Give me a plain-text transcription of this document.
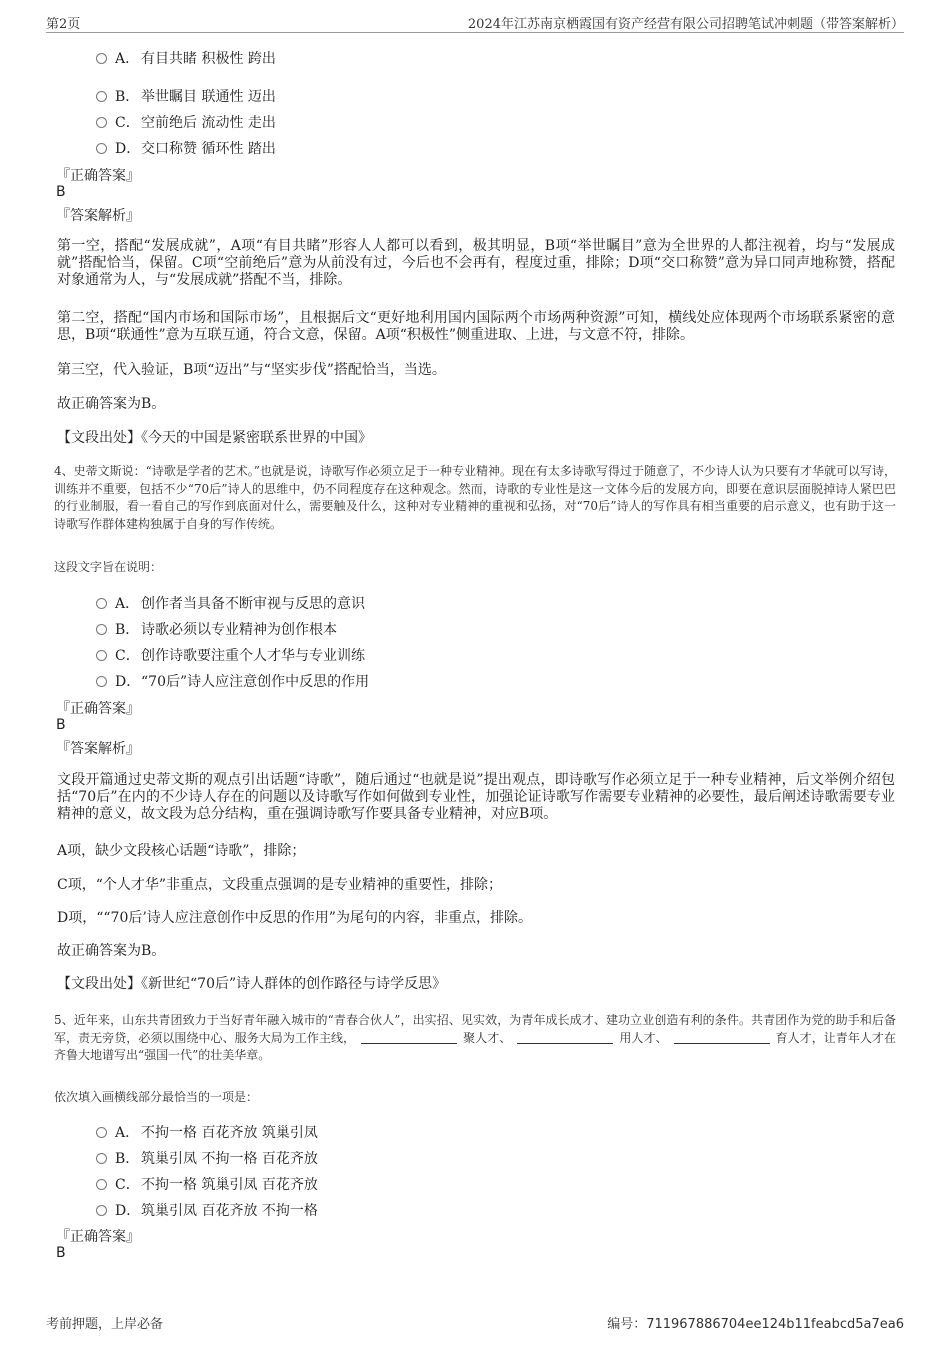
第2页	2024年江苏南京栖霞国有资产经营有限公司招聘笔试冲刺题（带答案解析）
A． 有目共睹 积极性 跨出
B． 举世瞩目 联通性 迈出
C．空前绝后 流动性 走出
D．交口称赞 循环性 踏出
『正确答案』
B
『答案解析』
第一空，搭配“发展成就”，A项“有目共睹”形容人人都可以看到，极其明显，B项“举世瞩目”意为全世界的人都注视着，均与“发展成就”搭配恰当，保留。C项“空前绝后”意为从前没有过，今后也不会再有，程度过重，排除；D项“交口称赞”意为异口同声地称赞，搭配对象通常为人，与“发展成就”搭配不当，排除。
第二空，搭配“国内市场和国际市场”，且根据后文“更好地利用国内国际两个市场两种资源”可知，横线处应体现两个市场联系紧密的意思，B项“联通性”意为互联互通，符合文意，保留。A项“积极性”侧重进取、上进，与文意不符，排除。
第三空，代入验证，B项“迈出”与“坚实步伐”搭配恰当，当选。
故正确答案为B。
【文段出处】《今天的中国是紧密联系世界的中国》
4、史蒂文斯说：“诗歌是学者的艺术。”也就是说，诗歌写作必须立足于一种专业精神。现在有太多诗歌写得过于随意了，不少诗人认为只要有才华就可以写诗，训练并不重要，包括不少“70后”诗人的思维中，仍不同程度存在这种观念。然而，诗歌的专业性是这一文体今后的发展方向，即要在意识层面脱掉诗人紧巴巴的行业制服，看一看自己的写作到底面对什么，需要触及什么，这种对专业精神的重视和弘扬，对“70后”诗人的写作具有相当重要的启示意义，也有助于这一诗歌写作群体建构独属于自身的写作传统。
这段文字旨在说明：
A． 创作者当具备不断审视与反思的意识
B． 诗歌必须以专业精神为创作根本
C．创作诗歌要注重个人才华与专业训练
D．“70后”诗人应注意创作中反思的作用
『正确答案』
B
『答案解析』
文段开篇通过史蒂文斯的观点引出话题“诗歌”，随后通过“也就是说”提出观点，即诗歌写作必须立足于一种专业精神，后文举例介绍包括“70后”在内的不少诗人存在的问题以及诗歌写作如何做到专业性，加强论证诗歌写作需要专业精神的必要性，最后阐述诗歌需要专业精神的意义，故文段为总分结构，重在强调诗歌写作要具备专业精神，对应B项。
A项，缺少文段核心话题“诗歌”，排除；
C项，“个人才华”非重点，文段重点强调的是专业精神的重要性，排除；
D项，““70后’诗人应注意创作中反思的作用”为尾句的内容，非重点，排除。
故正确答案为B。
【文段出处】《新世纪“70后”诗人群体的创作路径与诗学反思》
5、近年来，山东共青团致力于当好青年融入城市的“青春合伙人”，出实招、见实效，为青年成长成才、建功立业创造有利的条件。共青团作为党的助手和后备军，责无旁贷，必须以围绕中心、服务大局为工作主线，	聚人才、	用人才、	育人才，让青年人才在齐鲁大地谱写出“强国一代”的壮美华章。
依次填入画横线部分最恰当的一项是：
A． 不拘一格 百花齐放 筑巢引凤
B． 筑巢引凤 不拘一格 百花齐放
C．不拘一格 筑巢引凤 百花齐放
D．筑巢引凤 百花齐放 不拘一格
『正确答案』
B
考前押题，上岸必备	编号：711967886704ee124b11feabcd5a7ea6
